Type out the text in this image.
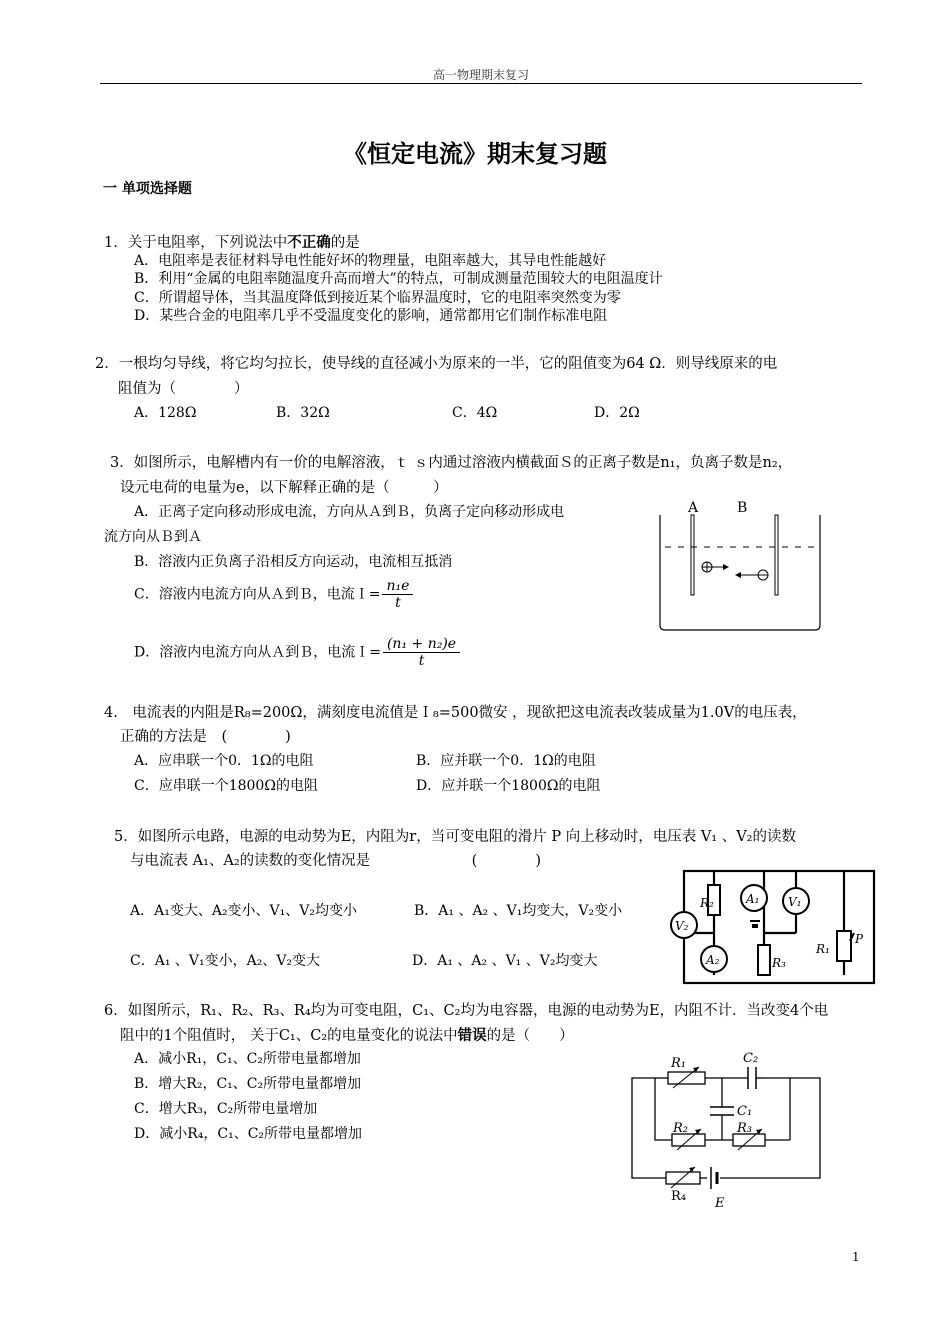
高一物理期末复习
《恒定电流》期末复习题
一 单项选择题
1．关于电阻率，下列说法中不正确的是
A．电阻率是表征材料导电性能好坏的物理量，电阻率越大，其导电性能越好
B．利用“金属的电阻率随温度升高而增大”的特点，可制成测量范围较大的电阻温度计
C．所谓超导体，当其温度降低到接近某个临界温度时，它的电阻率突然变为零
D．某些合金的电阻率几乎不受温度变化的影响，通常都用它们制作标准电阻
2．一根均匀导线，将它均匀拉长，使导线的直径减小为原来的一半，它的阻值变为64 Ω．则导线原来的电
阻值为（　　　　）
A．128Ω	B．32Ω	C．4Ω	D．2Ω
3．如图所示，电解槽内有一价的电解溶液，ｔ ｓ内通过溶液内横截面Ｓ的正离子数是n₁，负离子数是n₂，
设元电荷的电量为e，以下解释正确的是（　　　）
A．正离子定向移动形成电流，方向从Ａ到Ｂ，负离子定向移动形成电
流方向从Ｂ到Ａ
B．溶液内正负离子沿相反方向运动，电流相互抵消
C．溶液内电流方向从Ａ到Ｂ，电流Ｉ= $\frac{\text{n₁e}}{t}$
D．溶液内电流方向从Ａ到Ｂ，电流Ｉ= $\frac{\text{(n₁ + n₂)e}}{t}$
A	B
4.　电流表的内阻是R₈=200Ω，满刻度电流值是Ｉ₈=500微安 ，现欲把这电流表改装成量为1.0V的电压表，
正确的方法是　(　　　　)
A．应串联一个0．1Ω的电阻	B．应并联一个0．1Ω的电阻
C．应串联一个1800Ω的电阻	D．应并联一个1800Ω的电阻
5．如图所示电路，电源的电动势为E，内阻为r，当可变电阻的滑片 P 向上移动时，电压表 V₁ 、V₂的读数
与电流表 A₁、A₂的读数的变化情况是　　　　　　　(　　　　)
A．A₁变大、A₂变小、V₁、V₂均变小	B．A₁ 、A₂ 、V₁均变大，V₂变小
C．A₁ 、V₁变小，A₂、V₂变大	D．A₁ 、A₂ 、V₁ 、V₂均变大
R₂	A₁ V₁
V₂
A₂	R₃
R₁
P
6．如图所示，R₁、R₂、R₃、R₄均为可变电阻，C₁、C₂均为电容器，电源的电动势为E，内阻不计．当改变4个电
阻中的1个阻值时， 关于C₁、C₂的电量变化的说法中错误的是（　　）
A．减小R₁，C₁、C₂所带电量都增加
B．增大R₂，C₁、C₂所带电量都增加
C．增大R₃，C₂所带电量增加
D．减小R₄，C₁、C₂所带电量都增加
R₁	C₂
C₁
R₂	R₃
R₄ E
1
